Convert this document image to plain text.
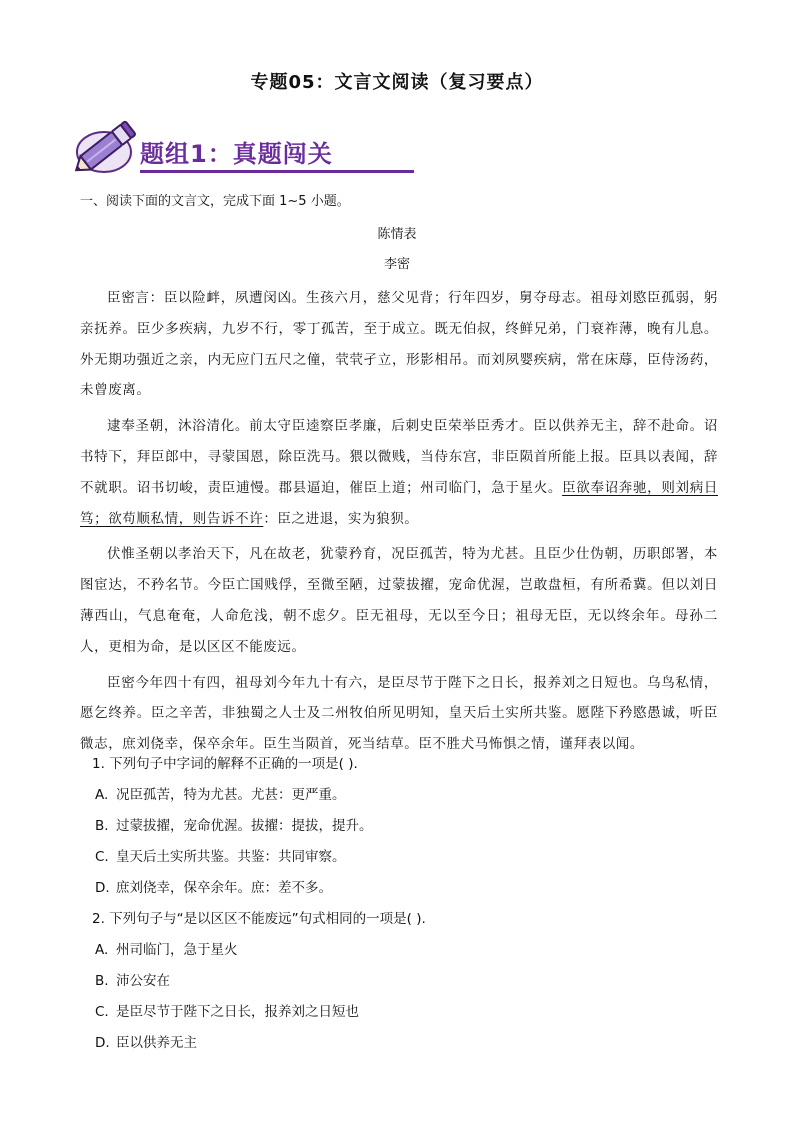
专题05：文言文阅读（复习要点）
题组1：真题闯关
一、阅读下面的文言文，完成下面 1~5 小题。
陈情表
李密

臣密言：臣以险衅，夙遭闵凶。生孩六月，慈父见背；行年四岁，舅夺母志。祖母刘愍臣孤弱，躬亲抚养。臣少多疾病，九岁不行，零丁孤苦，至于成立。既无伯叔，终鲜兄弟，门衰祚薄，晚有儿息。外无期功强近之亲，内无应门五尺之僮，茕茕孑立，形影相吊。而刘夙婴疾病，常在床蓐，臣侍汤药，未曾废离。

逮奉圣朝，沐浴清化。前太守臣逵察臣孝廉，后刺史臣荣举臣秀才。臣以供养无主，辞不赴命。诏书特下，拜臣郎中，寻蒙国恩，除臣洗马。猥以微贱，当侍东宫，非臣陨首所能上报。臣具以表闻，辞不就职。诏书切峻，责臣逋慢。郡县逼迫，催臣上道；州司临门，急于星火。臣欲奉诏奔驰，则刘病日笃；欲苟顺私情，则告诉不许：臣之进退，实为狼狈。

伏惟圣朝以孝治天下，凡在故老，犹蒙矜育，况臣孤苦，特为尤甚。且臣少仕伪朝，历职郎署，本图宦达，不矜名节。今臣亡国贱俘，至微至陋，过蒙拔擢，宠命优渥，岂敢盘桓，有所希冀。但以刘日薄西山，气息奄奄，人命危浅，朝不虑夕。臣无祖母，无以至今日；祖母无臣，无以终余年。母孙二人，更相为命，是以区区不能废远。

臣密今年四十有四，祖母刘今年九十有六，是臣尽节于陛下之日长，报养刘之日短也。乌鸟私情，愿乞终养。臣之辛苦，非独蜀之人士及二州牧伯所见明知，皇天后土实所共鉴。愿陛下矜愍愚诚，听臣微志，庶刘侥幸，保卒余年。臣生当陨首，死当结草。臣不胜犬马怖惧之情，谨拜表以闻。

1. 下列句子中字词的解释不正确的一项是( ).
A. 况臣孤苦，特为尤甚。尤甚：更严重。
B. 过蒙拔擢，宠命优渥。拔擢：提拔，提升。
C. 皇天后土实所共鉴。共鉴：共同审察。
D. 庶刘侥幸，保卒余年。庶：差不多。
2. 下列句子与“是以区区不能废远”句式相同的一项是( ).
A. 州司临门，急于星火
B. 沛公安在
C. 是臣尽节于陛下之日长，报养刘之日短也
D. 臣以供养无主
